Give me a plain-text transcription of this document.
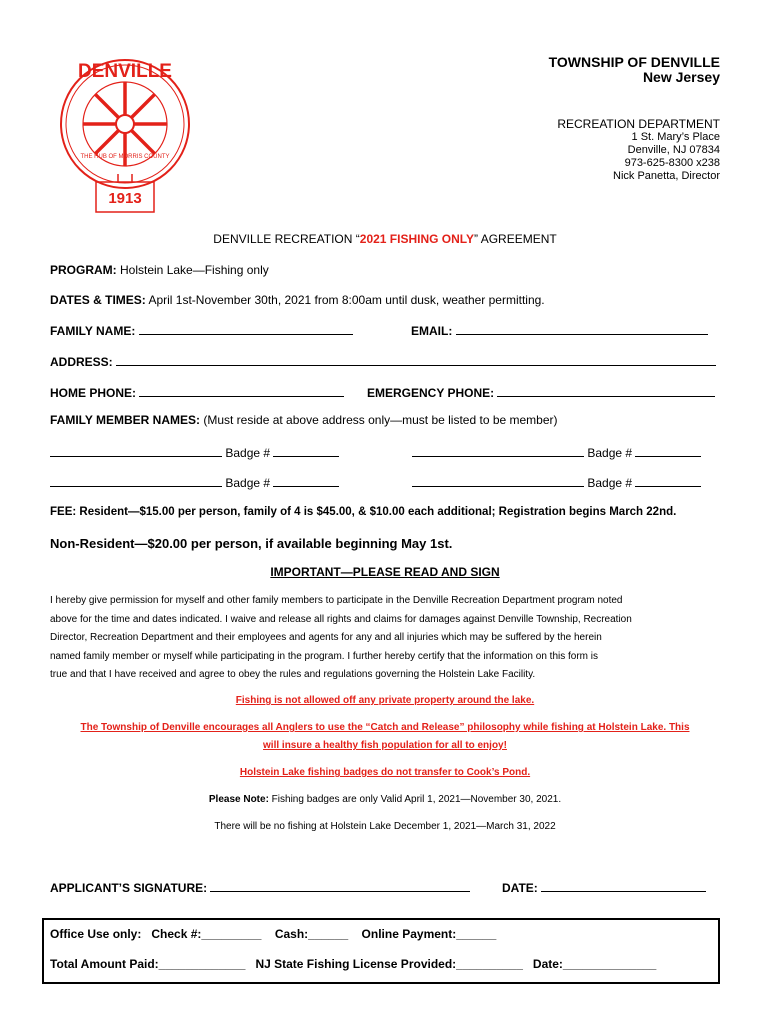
DENVILLE
THE HUB OF MORRIS COUNTY
1913
TOWNSHIP OF DENVILLE
New Jersey
RECREATION DEPARTMENT
1 St. Mary’s Place
Denville, NJ 07834
973-625-8300 x238
Nick Panetta, Director
DENVILLE RECREATION “2021 FISHING ONLY” AGREEMENT
PROGRAM: Holstein Lake—Fishing only
DATES & TIMES: April 1st-November 30th, 2021 from 8:00am until dusk, weather permitting.
FAMILY NAME:	EMAIL:
ADDRESS:
HOME PHONE:	EMERGENCY PHONE:
FAMILY MEMBER NAMES: (Must reside at above address only—must be listed to be member)
Badge #	Badge #
Badge #	Badge #
FEE: Resident—$15.00 per person, family of 4 is $45.00, & $10.00 each additional; Registration begins March 22nd.
Non-Resident—$20.00 per person, if available beginning May 1st.
IMPORTANT—PLEASE READ AND SIGN
I hereby give permission for myself and other family members to participate in the Denville Recreation Department program noted
above for the time and dates indicated. I waive and release all rights and claims for damages against Denville Township, Recreation
Director, Recreation Department and their employees and agents for any and all injuries which may be suffered by the herein
named family member or myself while participating in the program. I further hereby certify that the information on this form is
true and that I have received and agree to obey the rules and regulations governing the Holstein Lake Facility.
Fishing is not allowed off any private property around the lake.
The Township of Denville encourages all Anglers to use the “Catch and Release” philosophy while fishing at Holstein Lake. This
will insure a healthy fish population for all to enjoy!
Holstein Lake fishing badges do not transfer to Cook’s Pond.
Please Note: Fishing badges are only Valid April 1, 2021—November 30, 2021.
There will be no fishing at Holstein Lake December 1, 2021—March 31, 2022
APPLICANT’S SIGNATURE:	DATE:
Office Use only: Check #:_________ Cash:______ Online Payment:______
Total Amount Paid:_____________ NJ State Fishing License Provided:__________ Date:______________
